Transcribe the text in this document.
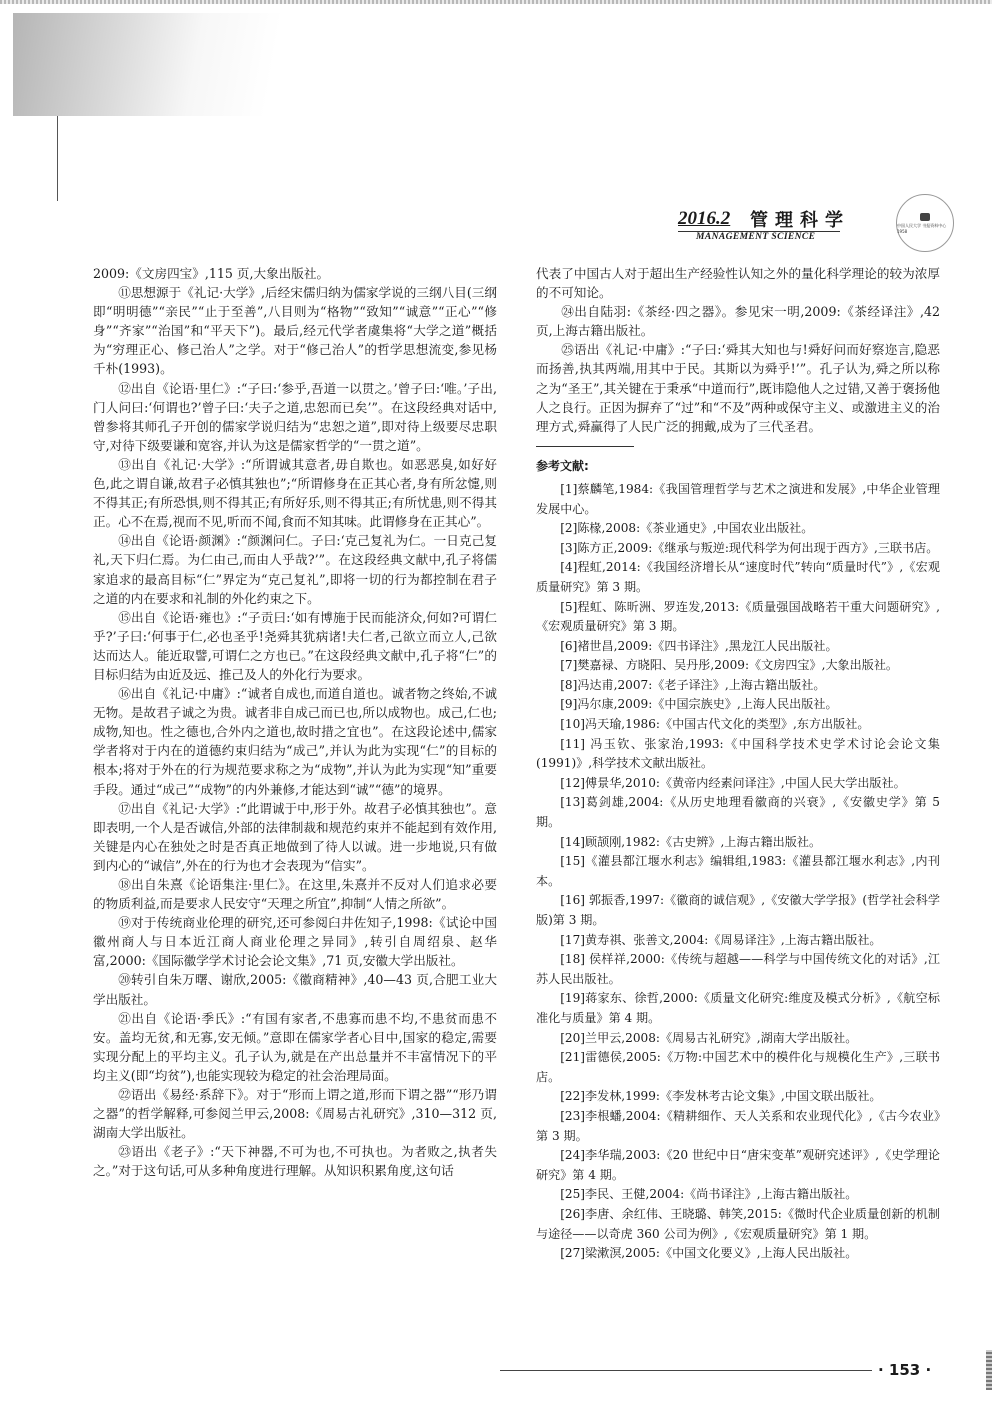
2016.2 管理科学
MANAGEMENT SCIENCE
中国人民大学 书报资料中心 1958

2009:《文房四宝》,115 页,大象出版社。

⑪思想源于《礼记·大学》,后经宋儒归纳为儒家学说的三纲八目(三纲即“明明德”“亲民”“止于至善”,八目则为“格物”“致知”“诚意”“正心”“修身”“齐家”“治国”和“平天下”)。最后,经元代学者虞集将“大学之道”概括为“穷理正心、修己治人”之学。对于“修己治人”的哲学思想流变,参见杨千朴(1993)。

⑫出自《论语·里仁》:“子曰:‘参乎,吾道一以贯之。’曾子曰:‘唯。’子出,门人问曰:‘何谓也?’曾子曰:‘夫子之道,忠恕而已矣’”。在这段经典对话中,曾参将其师孔子开创的儒家学说归结为“忠恕之道”,即对待上级要尽忠职守,对待下级要谦和宽容,并认为这是儒家哲学的“一贯之道”。

⑬出自《礼记·大学》:“所谓诚其意者,毋自欺也。如恶恶臭,如好好色,此之谓自谦,故君子必慎其独也”;“所谓修身在正其心者,身有所忿懥,则不得其正;有所恐惧,则不得其正;有所好乐,则不得其正;有所忧患,则不得其正。心不在焉,视而不见,听而不闻,食而不知其味。此谓修身在正其心”。

⑭出自《论语·颜渊》:“颜渊问仁。子曰:‘克己复礼为仁。一日克己复礼,天下归仁焉。为仁由己,而由人乎哉?’”。在这段经典文献中,孔子将儒家追求的最高目标“仁”界定为“克己复礼”,即将一切的行为都控制在君子之道的内在要求和礼制的外化约束之下。

⑮出自《论语·雍也》:“子贡曰:‘如有博施于民而能济众,何如?可谓仁乎?’子曰:‘何事于仁,必也圣乎!尧舜其犹病诸!夫仁者,己欲立而立人,己欲达而达人。能近取譬,可谓仁之方也已。”在这段经典文献中,孔子将“仁”的目标归结为由近及远、推己及人的外化行为要求。

⑯出自《礼记·中庸》:“诚者自成也,而道自道也。诚者物之终始,不诚无物。是故君子诚之为贵。诚者非自成己而已也,所以成物也。成己,仁也;成物,知也。性之德也,合外内之道也,故时措之宜也”。在这段论述中,儒家学者将对于内在的道德约束归结为“成己”,并认为此为实现“仁”的目标的根本;将对于外在的行为规范要求称之为“成物”,并认为此为实现“知”重要手段。通过“成己”“成物”的内外兼修,才能达到“诚”“德”的境界。

⑰出自《礼记·大学》:“此谓诚于中,形于外。故君子必慎其独也”。意即表明,一个人是否诚信,外部的法律制裁和规范约束并不能起到有效作用,关键是内心在独处之时是否真正地做到了待人以诚。进一步地说,只有做到内心的“诚信”,外在的行为也才会表现为“信实”。

⑱出自朱熹《论语集注·里仁》。在这里,朱熹并不反对人们追求必要的物质利益,而是要求人民安守“天理之所宜”,抑制“人情之所欲”。

⑲对于传统商业伦理的研究,还可参阅臼井佐知子,1998:《试论中国徽州商人与日本近江商人商业伦理之异同》,转引自周绍泉、赵华富,2000:《国际徽学学术讨论会论文集》,71 页,安徽大学出版社。

⑳转引自朱万曙、谢欣,2005:《徽商精神》,40—43 页,合肥工业大学出版社。

㉑出自《论语·季氏》:“有国有家者,不患寡而患不均,不患贫而患不安。盖均无贫,和无寡,安无倾。”意即在儒家学者心目中,国家的稳定,需要实现分配上的平均主义。孔子认为,就是在产出总量并不丰富情况下的平均主义(即“均贫”),也能实现较为稳定的社会治理局面。

㉒语出《易经·系辞下》。对于“形而上谓之道,形而下谓之器”“形乃谓之器”的哲学解释,可参阅兰甲云,2008:《周易古礼研究》,310—312 页,湖南大学出版社。

㉓语出《老子》:“天下神器,不可为也,不可执也。为者败之,执者失之。”对于这句话,可从多种角度进行理解。从知识积累角度,这句话

代表了中国古人对于超出生产经验性认知之外的量化科学理论的较为浓厚的不可知论。

㉔出自陆羽:《茶经·四之器》。参见宋一明,2009:《茶经译注》,42 页,上海古籍出版社。

㉕语出《礼记·中庸》:“子曰:‘舜其大知也与!舜好问而好察迩言,隐恶而扬善,执其两端,用其中于民。其斯以为舜乎!’”。孔子认为,舜之所以称之为“圣王”,其关键在于秉承“中道而行”,既讳隐他人之过错,又善于褒扬他人之良行。正因为摒弃了“过”和“不及”两种或保守主义、或激进主义的治理方式,舜赢得了人民广泛的拥戴,成为了三代圣君。

参考文献:

[1]蔡麟笔,1984:《我国管理哲学与艺术之演进和发展》,中华企业管理发展中心。

[2]陈椽,2008:《茶业通史》,中国农业出版社。

[3]陈方正,2009:《继承与叛逆:现代科学为何出现于西方》,三联书店。

[4]程虹,2014:《我国经济增长从“速度时代”转向“质量时代”》,《宏观质量研究》第 3 期。

[5]程虹、陈昕洲、罗连发,2013:《质量强国战略若干重大问题研究》,《宏观质量研究》第 3 期。

[6]褚世昌,2009:《四书译注》,黑龙江人民出版社。

[7]樊嘉禄、方晓阳、吴丹彤,2009:《文房四宝》,大象出版社。

[8]冯达甫,2007:《老子译注》,上海古籍出版社。

[9]冯尔康,2009:《中国宗族史》,上海人民出版社。

[10]冯天瑜,1986:《中国古代文化的类型》,东方出版社。

[11] 冯玉钦、张家治,1993:《中国科学技术史学术讨论会论文集(1991)》,科学技术文献出版社。

[12]傅景华,2010:《黄帝内经素问译注》,中国人民大学出版社。

[13]葛剑雄,2004:《从历史地理看徽商的兴衰》,《安徽史学》第 5 期。

[14]顾颉刚,1982:《古史辨》,上海古籍出版社。

[15]《灌县都江堰水利志》编辑组,1983:《灌县都江堰水利志》,内刊本。

[16] 郭振香,1997:《徽商的诚信观》,《安徽大学学报》(哲学社会科学版)第 3 期。

[17]黄寿祺、张善文,2004:《周易译注》,上海古籍出版社。

[18] 侯样祥,2000:《传统与超越——科学与中国传统文化的对话》,江苏人民出版社。

[19]蒋家东、徐哲,2000:《质量文化研究:维度及模式分析》,《航空标准化与质量》第 4 期。

[20]兰甲云,2008:《周易古礼研究》,湖南大学出版社。

[21]雷德侯,2005:《万物:中国艺术中的模件化与规模化生产》,三联书店。

[22]李发林,1999:《李发林考古论文集》,中国文联出版社。

[23]李根蟠,2004:《精耕细作、天人关系和农业现代化》,《古今农业》第 3 期。

[24]李华瑞,2003:《20 世纪中日“唐宋变革”观研究述评》,《史学理论研究》第 4 期。

[25]李民、王健,2004:《尚书译注》,上海古籍出版社。

[26]李唐、余红伟、王晓璐、韩笑,2015:《微时代企业质量创新的机制与途径——以奇虎 360 公司为例》,《宏观质量研究》第 1 期。

[27]梁漱溟,2005:《中国文化要义》,上海人民出版社。

· 153 ·
